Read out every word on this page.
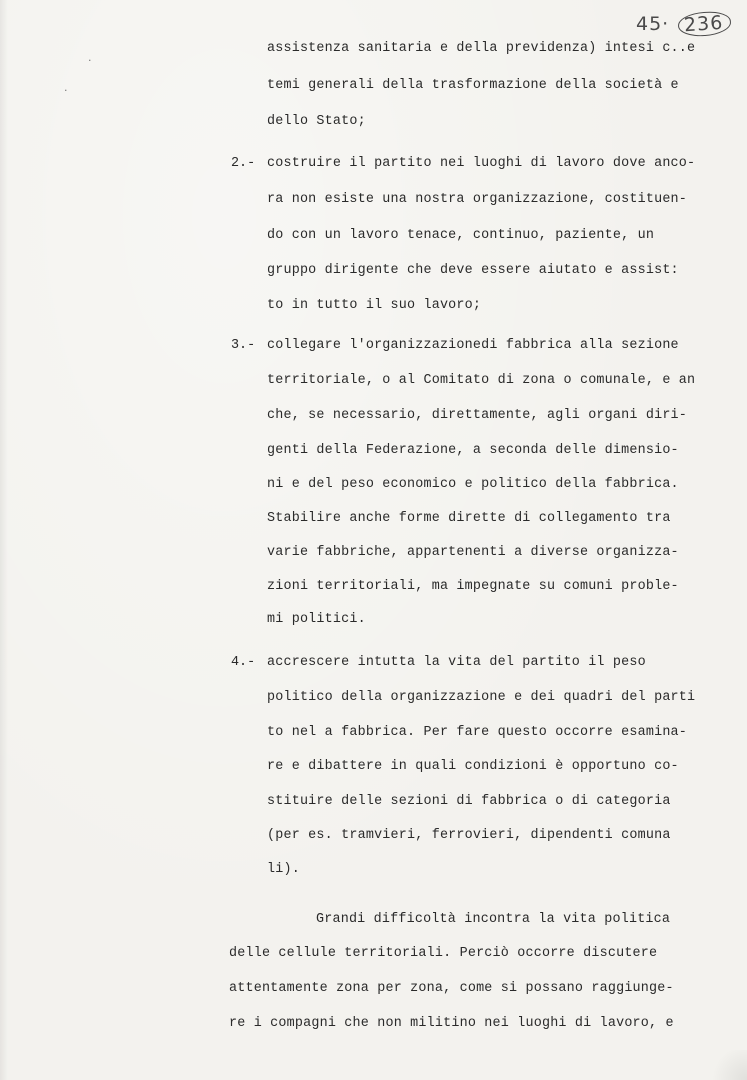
45· 236
·
·
assistenza sanitaria e della previdenza) intesi c..e
temi generali della trasformazione della società e
dello Stato;
2.- costruire il partito nei luoghi di lavoro dove anco-
ra non esiste una nostra organizzazione, costituen-
do con un lavoro tenace, continuo, paziente, un
gruppo dirigente che deve essere aiutato e assist:
to in tutto il suo lavoro;
3.- collegare l'organizzazionedi fabbrica alla sezione
territoriale, o al Comitato di zona o comunale, e an
che, se necessario, direttamente, agli organi diri-
genti della Federazione, a seconda delle dimensio-
ni e del peso economico e politico della fabbrica.
Stabilire anche forme dirette di collegamento tra
varie fabbriche, appartenenti a diverse organizza-
zioni territoriali, ma impegnate su comuni proble-
mi politici.
4.- accrescere intutta la vita del partito il peso
politico della organizzazione e dei quadri del parti
to nel a fabbrica. Per fare questo occorre esamina-
re e dibattere in quali condizioni è opportuno co-
stituire delle sezioni di fabbrica o di categoria
(per es. tramvieri, ferrovieri, dipendenti comuna
li).
Grandi difficoltà incontra la vita politica
delle cellule territoriali. Perciò occorre discutere
attentamente zona per zona, come si possano raggiunge-
re i compagni che non militino nei luoghi di lavoro, e
